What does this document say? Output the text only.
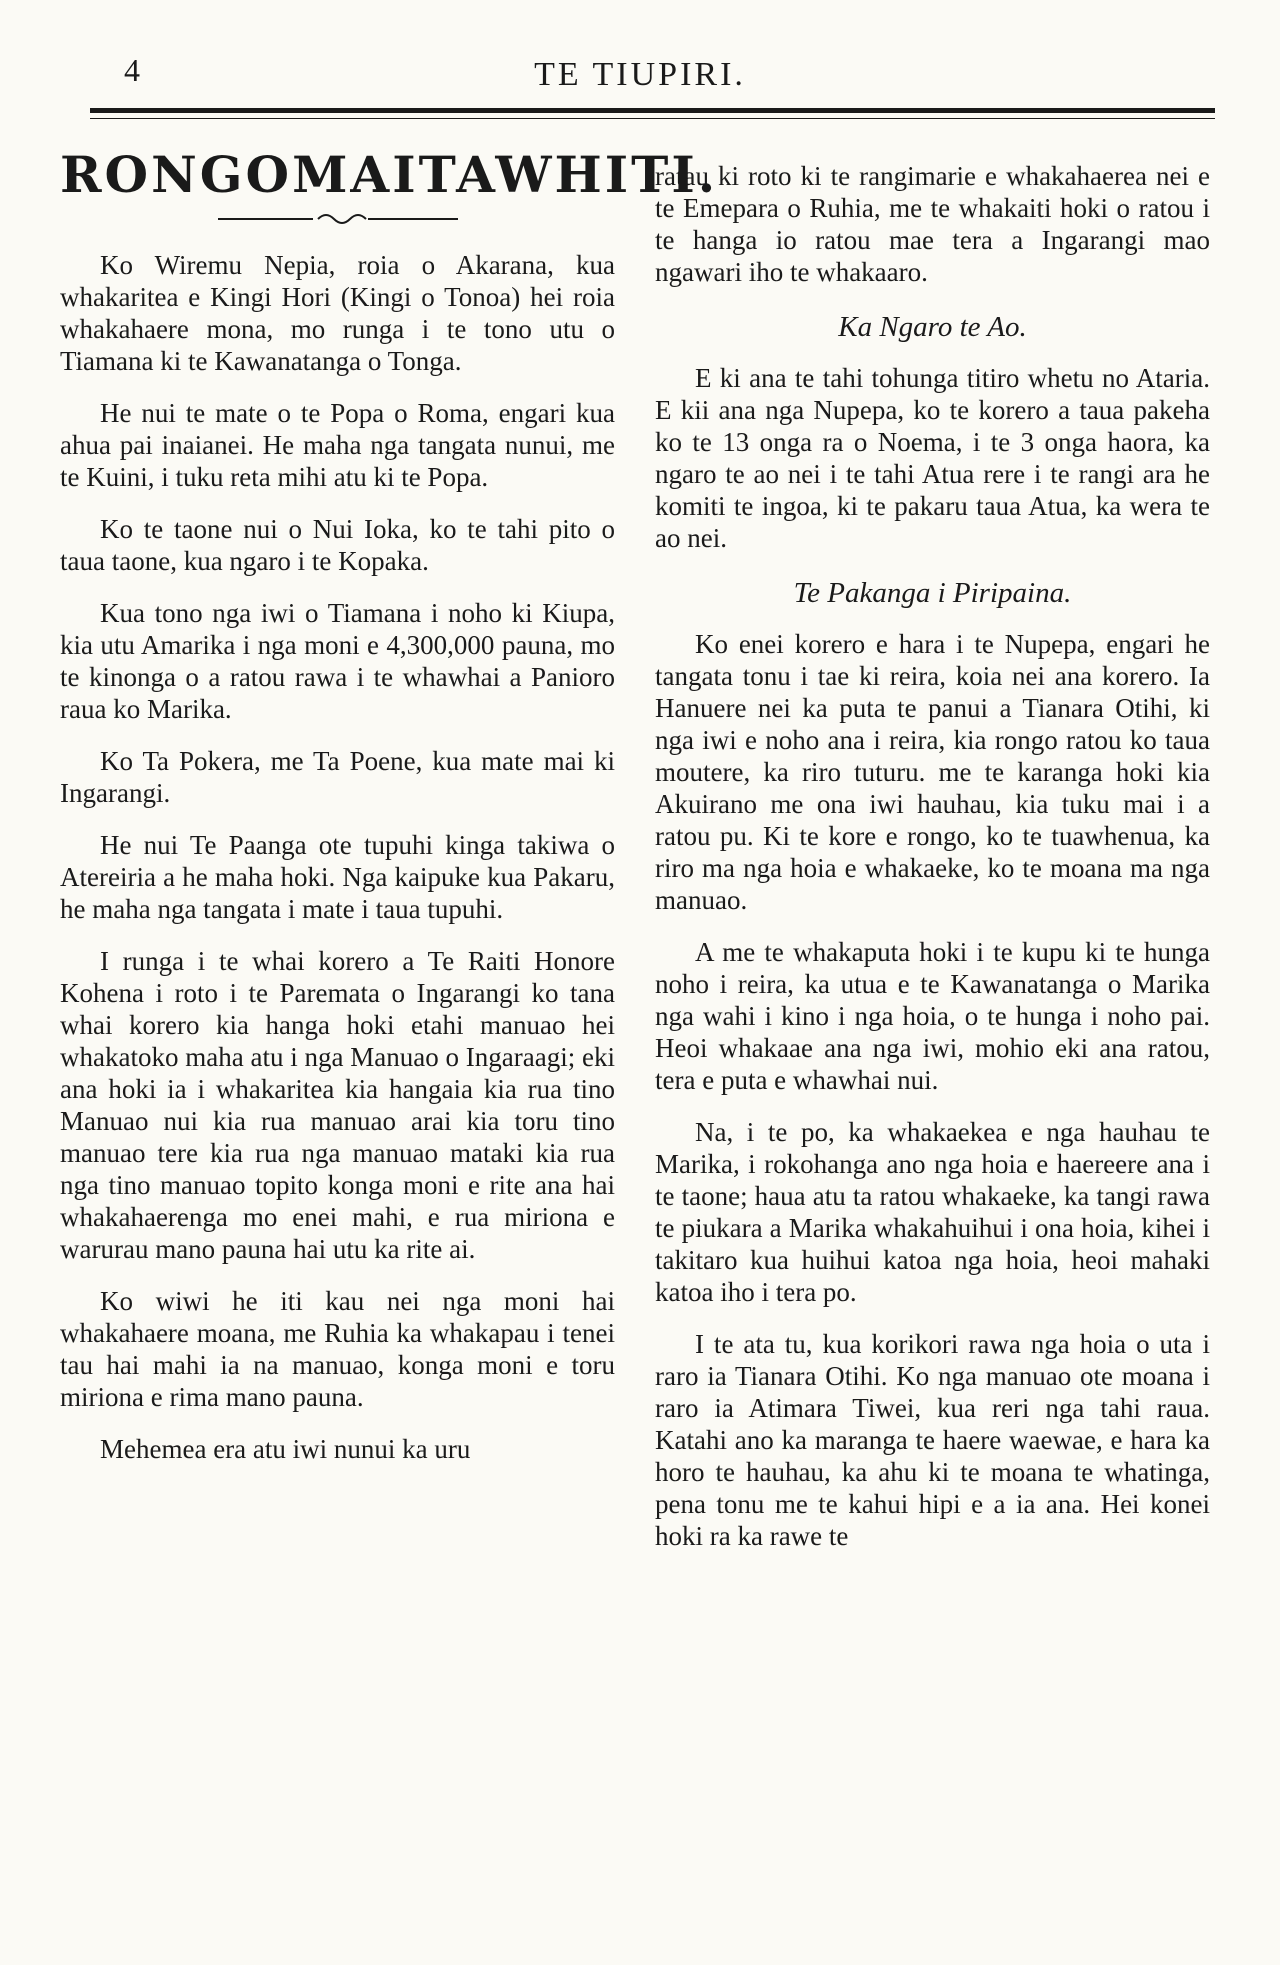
4	TE TIUPIRI.
RONGOMAITAWHITI.

Ko Wiremu Nepia, roia o Akarana, kua whakaritea e Kingi Hori (Kingi o Tonoa) hei roia whakahaere mona, mo runga i te tono utu o Tiamana ki te Kawanatanga o Tonga.

He nui te mate o te Popa o Roma, engari kua ahua pai inaianei. He maha nga tangata nunui, me te Kuini, i tuku reta mihi atu ki te Popa.

Ko te taone nui o Nui Ioka, ko te tahi pito o taua taone, kua ngaro i te Kopaka.

Kua tono nga iwi o Tiamana i noho ki Kiupa, kia utu Amarika i nga moni e 4,300,000 pauna, mo te kinonga o a ratou rawa i te whawhai a Panioro raua ko Marika.

Ko Ta Pokera, me Ta Poene, kua mate mai ki Ingarangi.

He nui Te Paanga ote tupuhi kinga takiwa o Atereiria a he maha hoki. Nga kaipuke kua Pakaru, he maha nga tangata i mate i taua tupuhi.

I runga i te whai korero a Te Raiti Honore Kohena i roto i te Paremata o Ingarangi ko tana whai korero kia hanga hoki etahi manuao hei whakatoko maha atu i nga Manuao o Ingaraagi; eki ana hoki ia i whakaritea kia hangaia kia rua tino Manuao nui kia rua manuao arai kia toru tino manuao tere kia rua nga manuao mataki kia rua nga tino manuao topito konga moni e rite ana hai whakahaerenga mo enei mahi, e rua miriona e warurau mano pauna hai utu ka rite ai.

Ko wiwi he iti kau nei nga moni hai whakahaere moana, me Ruhia ka whakapau i tenei tau hai mahi ia na manuao, konga moni e toru miriona e rima mano pauna.

Mehemea era atu iwi nunui ka uru

ratau ki roto ki te rangimarie e whakahaerea nei e te Emepara o Ruhia, me te whakaiti hoki o ratou i te hanga io ratou mae tera a Ingarangi mao ngawari iho te whakaaro.

Ka Ngaro te Ao.

E ki ana te tahi tohunga titiro whetu no Ataria. E kii ana nga Nupepa, ko te korero a taua pakeha ko te 13 onga ra o Noema, i te 3 onga haora, ka ngaro te ao nei i te tahi Atua rere i te rangi ara he komiti te ingoa, ki te pakaru taua Atua, ka wera te ao nei.

Te Pakanga i Piripaina.

Ko enei korero e hara i te Nupepa, engari he tangata tonu i tae ki reira, koia nei ana korero. Ia Hanuere nei ka puta te panui a Tianara Otihi, ki nga iwi e noho ana i reira, kia rongo ratou ko taua moutere, ka riro tuturu. me te karanga hoki kia Akuirano me ona iwi hauhau, kia tuku mai i a ratou pu. Ki te kore e rongo, ko te tuawhenua, ka riro ma nga hoia e whakaeke, ko te moana ma nga manuao.

A me te whakaputa hoki i te kupu ki te hunga noho i reira, ka utua e te Kawanatanga o Marika nga wahi i kino i nga hoia, o te hunga i noho pai. Heoi whakaae ana nga iwi, mohio eki ana ratou, tera e puta e whawhai nui.

Na, i te po, ka whakaekea e nga hauhau te Marika, i rokohanga ano nga hoia e haereere ana i te taone; haua atu ta ratou whakaeke, ka tangi rawa te piukara a Marika whakahuihui i ona hoia, kihei i takitaro kua huihui katoa nga hoia, heoi mahaki katoa iho i tera po.

I te ata tu, kua korikori rawa nga hoia o uta i raro ia Tianara Otihi. Ko nga manuao ote moana i raro ia Atimara Tiwei, kua reri nga tahi raua. Katahi ano ka maranga te haere waewae, e hara ka horo te hauhau, ka ahu ki te moana te whatinga, pena tonu me te kahui hipi e a ia ana. Hei konei hoki ra ka rawe te
